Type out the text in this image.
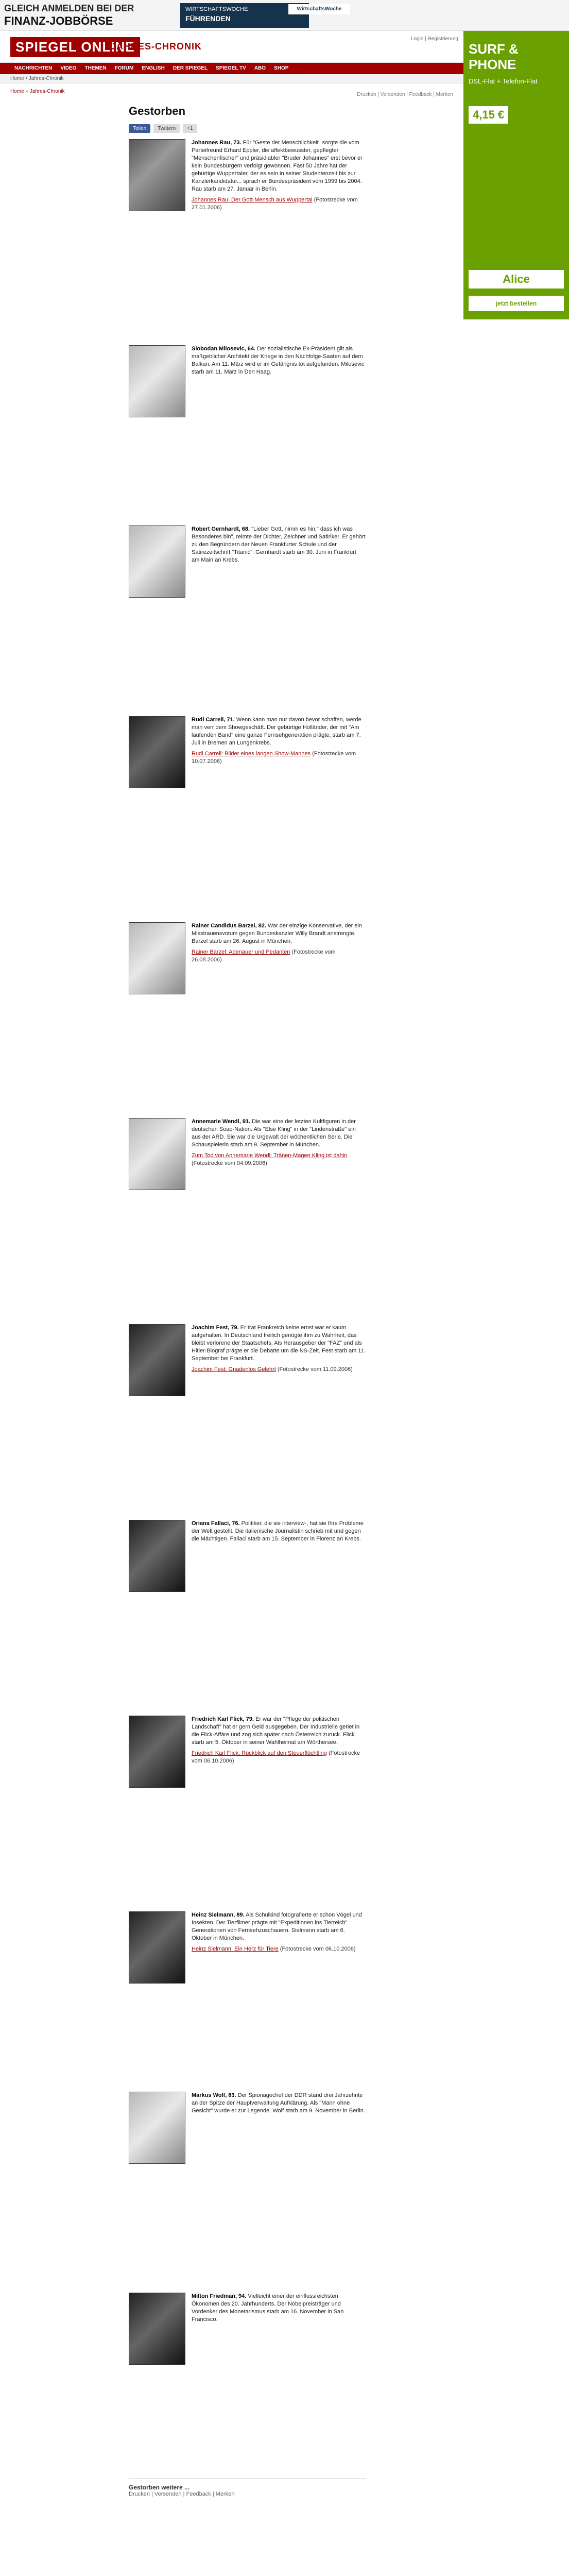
GLEICH ANMELDEN BEI DER
FINANZ-JOBBÖRSE
WIRTSCHAFTSWOCHE
FÜHRENDEN
WirtschaftsWoche
SPIEGEL ONLINE
JAHRES-CHRONIK
Login | Registrierung
NACHRICHTEN	VIDEO	THEMEN	FORUM	ENGLISH	DER SPIEGEL	SPIEGEL TV	ABO	SHOP
Home • Jahres-Chronik
Home » Jahres-Chronik
Drucken | Versenden | Feedback | Merken
Gestorben
Teilen	Twittern	+1
SURF & PHONE
DSL-Flat + Telefon-Flat
4,15 €
Alice
jetzt bestellen
Johannes Rau, 73. Für "Geste der Menschlichkeit" sorgte die vom Parteifreund Erhard Eppler, die affektbewusster, gepflegter "Menschenfischer" und präsidiabler "Bruder Johannes" erst bevor er kein Bundesbürgern verfolgt gewonnen. Fast 50 Jahre hat der gebürtige Wuppertaler, der es sein in seiner Studentenzeit bis zur Kanzlerkandidatur... sprach er Bundespräsident vom 1999 bis 2004. Rau starb am 27. Januar in Berlin.
Johannes Rau: Der Gott-Mensch aus Wuppertal (Fotostrecke vom 27.01.2006)
Slobodan Milosevic, 64. Der sozialistische Ex-Präsident gilt als maßgeblicher Architekt der Kriege in den Nachfolge-Saaten auf dem Balkan. Am 11. März wird er im Gefängnis tot aufgefunden. Milosevic starb am 11. März in Den Haag.
Robert Gernhardt, 68. "Lieber Gott, nimm es hin," dass ich was Besonderes bin", reimte der Dichter, Zeichner und Satiriker. Er gehört zu den Begründern der Neuen Frankfurter Schule und der Satirezeitschrift "Titanic". Gernhardt starb am 30. Juni in Frankfurt am Main an Krebs.
Rudi Carrell, 71. Wenn kann man nur davon bevor schaffen, werde man verr dem Showgeschäft. Der gebürtige Holländer, der mit "Am laufenden Band" eine ganze Fernsehgeneration prägte, starb am 7. Juli in Bremen an Lungenkrebs.
Rudi Carrell: Bilder eines langen Show-Mannes (Fotostrecke vom 10.07.2006)
Rainer Candidus Barzel, 82. War der einzige Konservative, der ein Misstrauensvotum gegen Bundeskanzler Willy Brandt anstrengte. Barzel starb am 26. August in München.
Rainer Barzel: Adenauer und Pedanten (Fotostrecke vom 26.08.2006)
Annemarie Wendl, 91. Die war eine der letzten Kultfiguren in der deutschen Soap-Nation. Als "Else Kling" in der "Lindenstraße" ein aus der ARD. Sie war die Urgewalt der wöchentlichen Serie. Die Schauspielerin starb am 9. September in München.
Zum Tod von Annemarie Wendl: Tränen-Magen Kling ist dahin (Fotostrecke vom 04.09.2006)
Joachim Fest, 79. Er trat Frankreich keine ernst war er kaum aufgehalten. In Deutschland freilich genügte ihm zu Wahrheit, das bleibt verlorene der Staatschefs. Als Herausgeber der "FAZ" und als Hitler-Biograf prägte er die Debatte um die NS-Zeit. Fest starb am 11. September bei Frankfurt.
Joachim Fest: Gnadenlos Gelehrt (Fotostrecke vom 11.09.2006)
Oriana Fallaci, 76. Politiker, die sie interview-, hat sie Ihre Probleme der Welt gestellt. Die italienische Journalistin schrieb mit und gegen die Mächtigen. Fallaci starb am 15. September in Florenz an Krebs.
Friedrich Karl Flick, 79. Er war der "Pflege der politischen Landschaft" hat er gern Geld ausgegeben. Der Industrielle geriet in die Flick-Affäre und zog sich später nach Österreich zurück. Flick starb am 5. Oktober in seiner Wahlheimat am Wörthersee.
Friedrich Karl Flick: Rückblick auf den Steuerflüchtling (Fotostrecke vom 06.10.2006)
Heinz Sielmann, 89. Als Schulkind fotografierte er schon Vögel und Insekten. Der Tierfilmer prägte mit "Expeditionen ins Tierreich" Generationen von Fernsehzuschauern. Sielmann starb am 6. Oktober in München.
Heinz Sielmann: Ein Herz für Tiere (Fotostrecke vom 06.10.2006)
Markus Wolf, 83. Der Spionagechef der DDR stand drei Jahrzehnte an der Spitze der Hauptverwaltung Aufklärung. Als "Mann ohne Gesicht" wurde er zur Legende. Wolf starb am 9. November in Berlin.
Milton Friedman, 94. Vielleicht einer der einflussreichsten Ökonomen des 20. Jahrhunderts. Der Nobelpreisträger und Vordenker des Monetarismus starb am 16. November in San Francisco.
Gestorben weitere ...
Drucken | Versenden | Feedback | Merken
